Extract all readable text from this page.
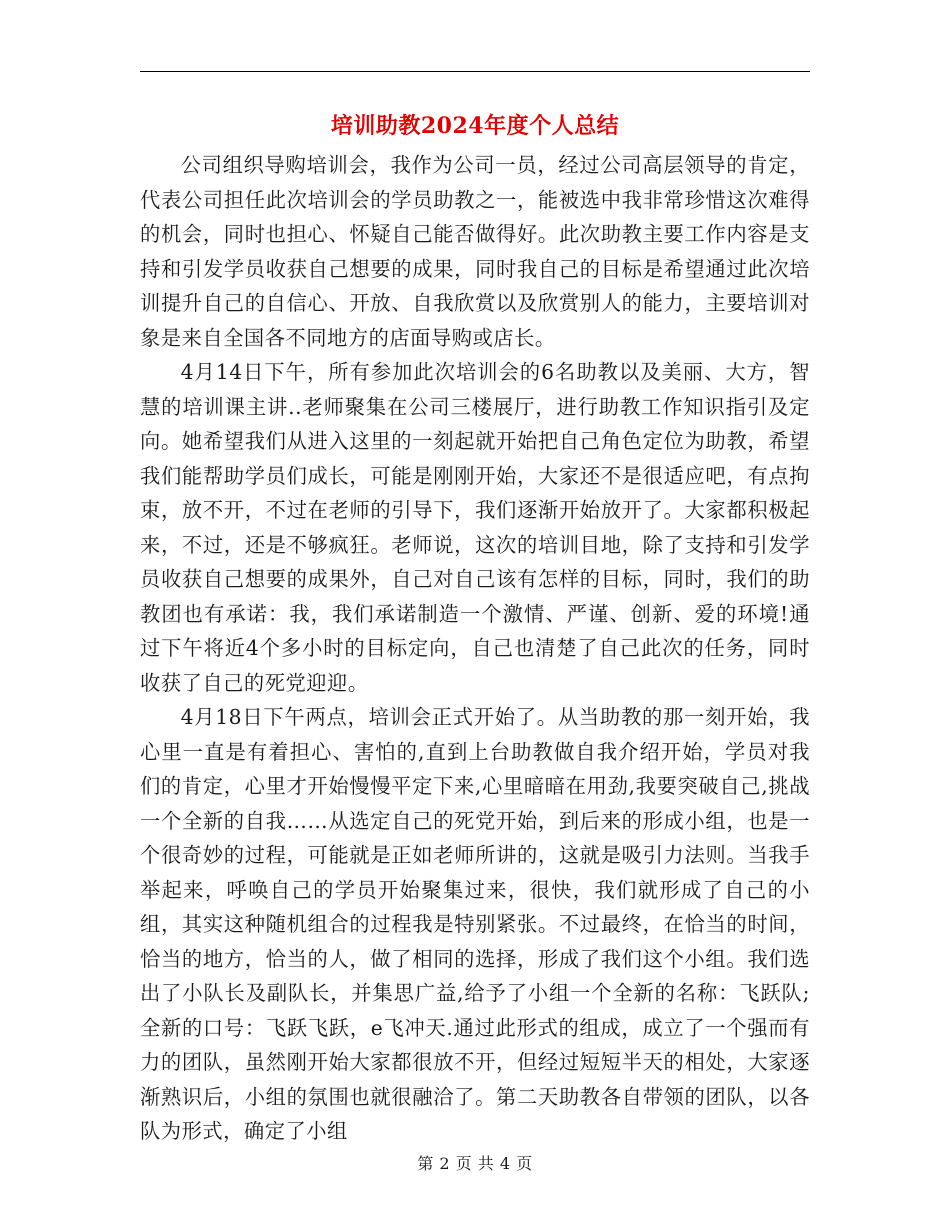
培训助教2024年度个人总结

公司组织导购培训会，我作为公司一员，经过公司高层领导的肯定，代表公司担任此次培训会的学员助教之一，能被选中我非常珍惜这次难得的机会，同时也担心、怀疑自己能否做得好。此次助教主要工作内容是支持和引发学员收获自己想要的成果，同时我自己的目标是希望通过此次培训提升自己的自信心、开放、自我欣赏以及欣赏别人的能力，主要培训对象是来自全国各不同地方的店面导购或店长。

4月14日下午，所有参加此次培训会的6名助教以及美丽、大方，智慧的培训课主讲..老师聚集在公司三楼展厅，进行助教工作知识指引及定向。她希望我们从进入这里的一刻起就开始把自己角色定位为助教，希望我们能帮助学员们成长，可能是刚刚开始，大家还不是很适应吧，有点拘束，放不开，不过在老师的引导下，我们逐渐开始放开了。大家都积极起来，不过，还是不够疯狂。老师说，这次的培训目地，除了支持和引发学员收获自己想要的成果外，自己对自己该有怎样的目标，同时，我们的助教团也有承诺：我，我们承诺制造一个激情、严谨、创新、爱的环境!通过下午将近4个多小时的目标定向，自己也清楚了自己此次的任务，同时收获了自己的死党迎迎。

4月18日下午两点，培训会正式开始了。从当助教的那一刻开始，我心里一直是有着担心、害怕的,直到上台助教做自我介绍开始，学员对我们的肯定，心里才开始慢慢平定下来,心里暗暗在用劲,我要突破自己,挑战一个全新的自我……从选定自己的死党开始，到后来的形成小组，也是一个很奇妙的过程，可能就是正如老师所讲的，这就是吸引力法则。当我手举起来，呼唤自己的学员开始聚集过来，很快，我们就形成了自己的小组，其实这种随机组合的过程我是特别紧张。不过最终，在恰当的时间，恰当的地方，恰当的人，做了相同的选择，形成了我们这个小组。我们选出了小队长及副队长，并集思广益,给予了小组一个全新的名称：飞跃队;全新的口号：飞跃飞跃，e飞冲天.通过此形式的组成，成立了一个强而有力的团队，虽然刚开始大家都很放不开，但经过短短半天的相处，大家逐渐熟识后，小组的氛围也就很融洽了。第二天助教各自带领的团队，以各队为形式，确定了小组

第 2 页 共 4 页
